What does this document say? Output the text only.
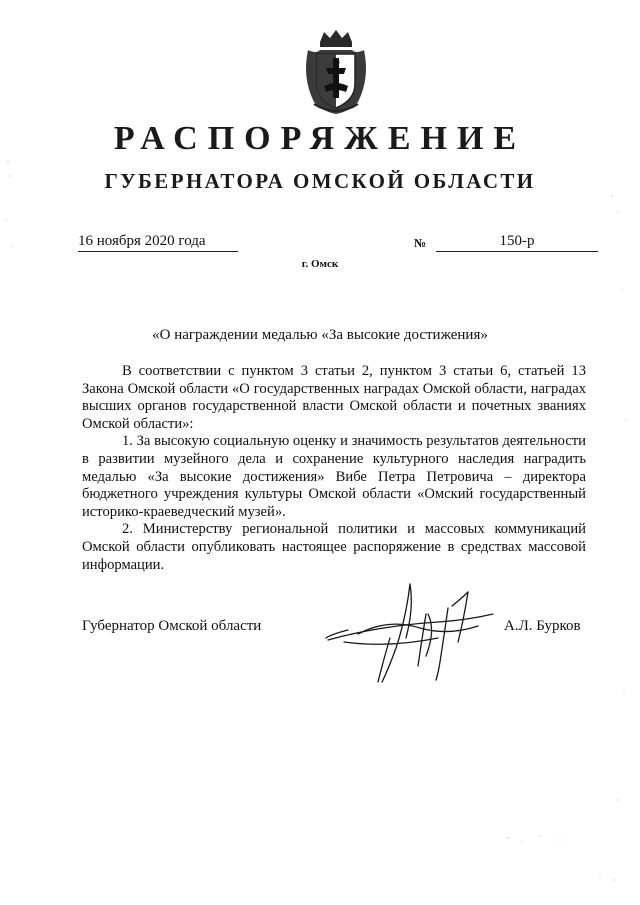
РАСПОРЯЖЕНИЕ
ГУБЕРНАТОРА ОМСКОЙ ОБЛАСТИ
16 ноября 2020 года	№	150-р
г. Омск
«О награждении медалью «За высокие достижения»

В соответствии с пунктом 3 статьи 2, пунктом 3 статьи 6, статьей 13 Закона Омской области «О государственных наградах Омской области, наградах высших органов государственной власти Омской области и почетных званиях Омской области»:

1. За высокую социальную оценку и значимость результатов деятельности в развитии музейного дела и сохранение культурного наследия наградить медалью «За высокие достижения» Вибе Петра Петровича – директора бюджетного учреждения культуры Омской области «Омский государственный историко-краеведческий музей».

2. Министерству региональной политики и массовых коммуникаций Омской области опубликовать настоящее распоряжение в средствах массовой информации.

Губернатор Омской области	А.Л. Бурков
